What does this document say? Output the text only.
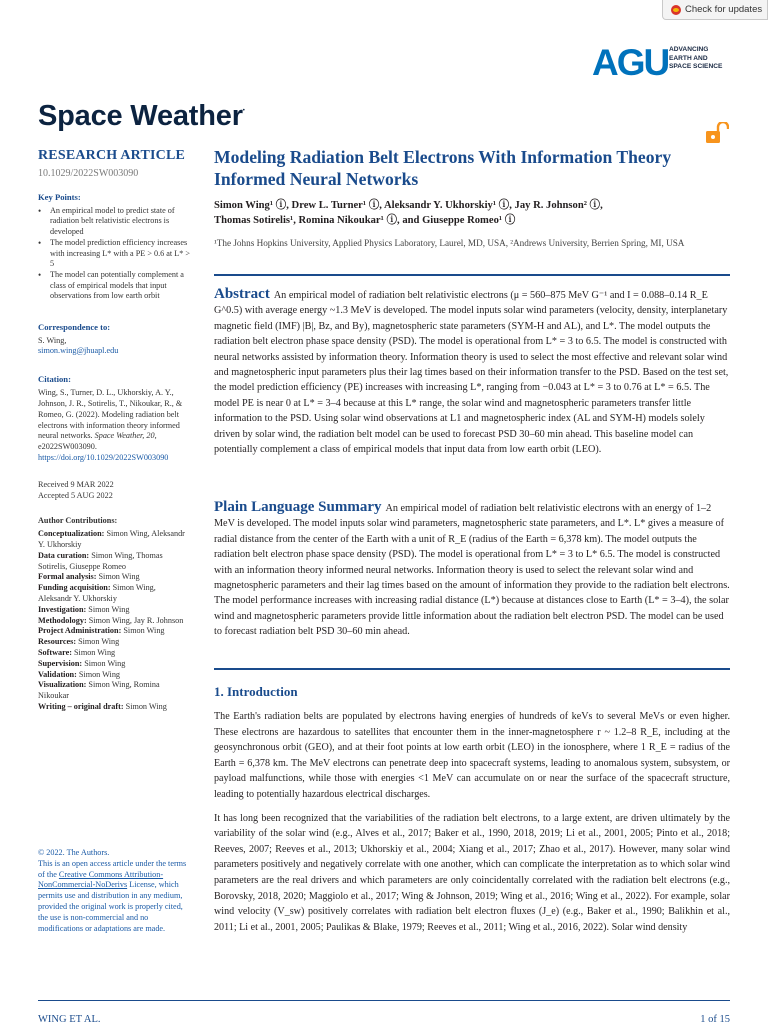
Check for updates
AGU ADVANCING
EARTH AND
SPACE SCIENCE
Space Weather•
RESEARCH ARTICLE
10.1029/2022SW003090
Key Points:
• An empirical model to predict state of radiation belt relativistic electrons is developed
• The model prediction efficiency increases with increasing L* with a PE > 0.6 at L* > 5
• The model can potentially complement a class of empirical models that input observations from low earth orbit
Correspondence to:
S. Wing,
simon.wing@jhuapl.edu
Citation:
Wing, S., Turner, D. L., Ukhorskiy, A. Y., Johnson, J. R., Sotirelis, T., Nikoukar, R., & Romeo, G. (2022). Modeling radiation belt electrons with information theory informed neural networks. Space Weather, 20, e2022SW003090. https://doi.org/10.1029/2022SW003090
Received 9 MAR 2022
Accepted 5 AUG 2022
Author Contributions:
Conceptualization: Simon Wing, Aleksandr Y. Ukhorskiy
Data curation: Simon Wing, Thomas Sotirelis, Giuseppe Romeo
Formal analysis: Simon Wing
Funding acquisition: Simon Wing, Aleksandr Y. Ukhorskiy
Investigation: Simon Wing
Methodology: Simon Wing, Jay R. Johnson
Project Administration: Simon Wing
Resources: Simon Wing
Software: Simon Wing
Supervision: Simon Wing
Validation: Simon Wing
Visualization: Simon Wing, Romina Nikoukar
Writing – original draft: Simon Wing
© 2022. The Authors.
This is an open access article under the terms of the Creative Commons Attribution-NonCommercial-NoDerivs License, which permits use and distribution in any medium, provided the original work is properly cited, the use is non-commercial and no modifications or adaptations are made.
Modeling Radiation Belt Electrons With Information Theory Informed Neural Networks
Simon Wing¹ ⓘ, Drew L. Turner¹ ⓘ, Aleksandr Y. Ukhorskiy¹ ⓘ, Jay R. Johnson² ⓘ,
Thomas Sotirelis¹, Romina Nikoukar¹ ⓘ, and Giuseppe Romeo¹ ⓘ
¹The Johns Hopkins University, Applied Physics Laboratory, Laurel, MD, USA, ²Andrews University, Berrien Spring, MI, USA

Abstract An empirical model of radiation belt relativistic electrons (μ = 560–875 MeV G⁻¹ and I = 0.088–0.14 R_E G^0.5) with average energy ~1.3 MeV is developed. The model inputs solar wind parameters (velocity, density, interplanetary magnetic field (IMF) |B|, Bz, and By), magnetospheric state parameters (SYM-H and AL), and L*. The model outputs the radiation belt electron phase space density (PSD). The model is operational from L* = 3 to 6.5. The model is constructed with neural networks assisted by information theory. Information theory is used to select the most effective and relevant solar wind and magnetospheric input parameters plus their lag times based on their information transfer to the PSD. Based on the test set, the model prediction efficiency (PE) increases with increasing L*, ranging from −0.043 at L* = 3 to 0.76 at L* = 6.5. The model PE is near 0 at L* = 3–4 because at this L* range, the solar wind and magnetospheric parameters transfer little information to the PSD. Using solar wind observations at L1 and magnetospheric index (AL and SYM-H) models solely driven by solar wind, the radiation belt model can be used to forecast PSD 30–60 min ahead. This baseline model can potentially complement a class of empirical models that input data from low earth orbit (LEO).

Plain Language Summary An empirical model of radiation belt relativistic electrons with an energy of 1–2 MeV is developed. The model inputs solar wind parameters, magnetospheric state parameters, and L*. L* gives a measure of radial distance from the center of the Earth with a unit of R_E (radius of the Earth = 6,378 km). The model outputs the radiation belt electron phase space density (PSD). The model is operational from L* = 3 to L* 6.5. The model is constructed with an information theory informed neural networks. Information theory is used to select the relevant solar wind and magnetospheric parameters and their lag times based on the amount of information they provide to the radiation belt electrons. The model performance increases with increasing radial distance (L*) because at distances close to Earth (L* = 3–4), the solar wind and magnetospheric parameters provide little information about the radiation belt electron PSD. The model can be used to forecast radiation belt PSD 30–60 min ahead.

1. Introduction

The Earth's radiation belts are populated by electrons having energies of hundreds of keVs to several MeVs or even higher. These electrons are hazardous to satellites that encounter them in the inner-magnetosphere r ~ 1.2–8 R_E, including at the geosynchronous orbit (GEO), and at their foot points at low earth orbit (LEO) in the ionosphere, where 1 R_E = radius of the Earth = 6,378 km. The MeV electrons can penetrate deep into spacecraft systems, leading to anomalous system, subsystem, or payload malfunctions, while those with energies <1 MeV can accumulate on or near the surface of the spacecraft structure, leading to potentially hazardous electrical discharges.

It has long been recognized that the variabilities of the radiation belt electrons, to a large extent, are driven ultimately by the variability of the solar wind (e.g., Alves et al., 2017; Baker et al., 1990, 2018, 2019; Li et al., 2001, 2005; Pinto et al., 2018; Reeves, 2007; Reeves et al., 2013; Ukhorskiy et al., 2004; Xiang et al., 2017; Zhao et al., 2017). However, many solar wind parameters positively and negatively correlate with one another, which can complicate the interpretation as to which solar wind parameters are the real drivers and which parameters are only coincidentally correlated with the radiation belt electrons (e.g., Borovsky, 2018, 2020; Maggiolo et al., 2017; Wing & Johnson, 2019; Wing et al., 2016; Wing et al., 2022). For example, solar wind velocity (V_sw) positively correlates with radiation belt electron fluxes (J_e) (e.g., Baker et al., 1990; Balikhin et al., 2011; Li et al., 2001, 2005; Paulikas & Blake, 1979; Reeves et al., 2011; Wing et al., 2016, 2022). Solar wind density

WING ET AL.	1 of 15
